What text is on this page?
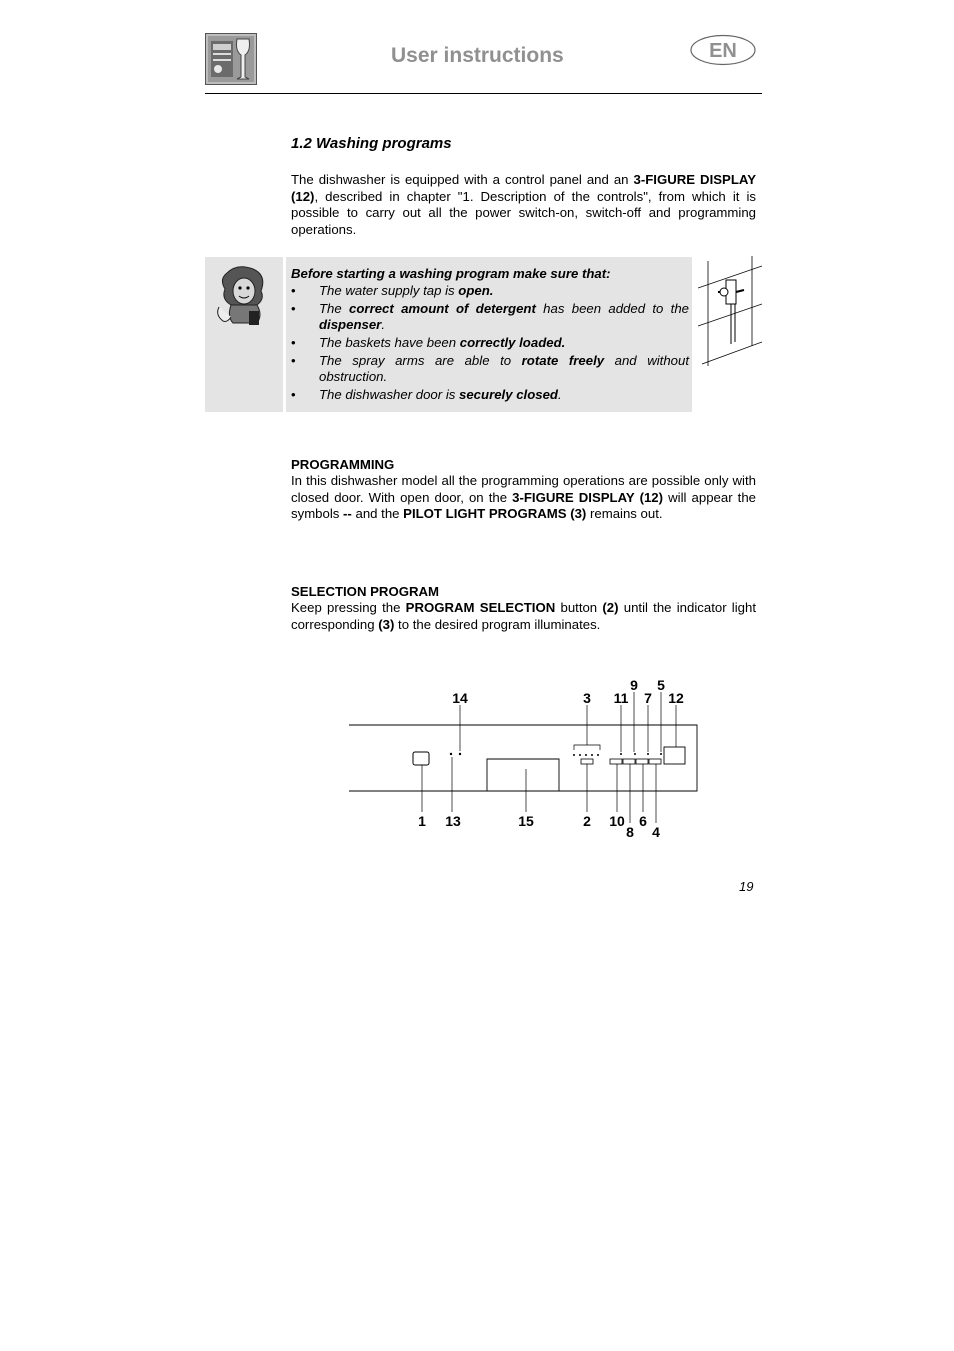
User instructions	EN
1.2 Washing programs
The dishwasher is equipped with a control panel and an 3-FIGURE DISPLAY (12), described in chapter "1. Description of the controls", from which it is possible to carry out all the power switch-on, switch-off and programming operations.
Before starting a washing program make sure that:
• The water supply tap is open.
• The correct amount of detergent has been added to the dispenser.
• The baskets have been correctly loaded.
• The spray arms are able to rotate freely and without obstruction.
• The dishwasher door is securely closed.
PROGRAMMING
In this dishwasher model all the programming operations are possible only with closed door. With open door, on the 3-FIGURE DISPLAY (12) will appear the symbols -- and the PILOT LIGHT PROGRAMS (3) remains out.
SELECTION PROGRAM
Keep pressing the PROGRAM SELECTION button (2) until the indicator light corresponding (3) to the desired program illuminates.
14	3 11
9
7
5
12
1 13	15	2 10
8
6
4
19
